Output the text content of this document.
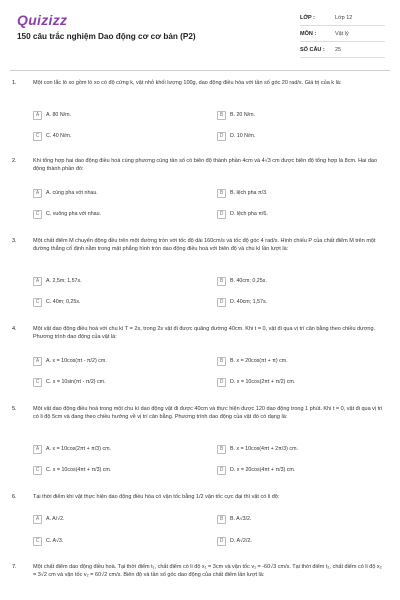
Quizizz
150 câu trắc nghiệm Dao động cơ cơ bản (P2)
LỚP :	Lớp 12
MÔN :	Vật lý
SỐ CÂU :	25
1.	Một con lắc lò xo gồm lò xo có độ cứng k, vật nhỏ khối lượng 100g, dao động điều hòa với tần số góc 20 rad/s. Giá trị của k là:
A	A. 80 N/m.	B	B. 20 N/m.
C	C. 40 N/m.	D	D. 10 N/m.
2.	Khi tổng hợp hai dao động điều hoà cùng phương cùng tần số có biên độ thành phần 4cm và 4√3 cm được biên độ tổng hợp là 8cm. Hai dao động thành phần đó:
A	A. cùng pha với nhau.	B	B. lệch pha π/3.
C	C. vuông pha với nhau.	D	D. lệch pha π/6.
3.	Một chất điểm M chuyển động đều trên một đường tròn với tốc độ dài 160cm/s và tốc độ góc 4 rad/s. Hình chiếu P của chất điểm M trên một đường thẳng cố định nằm trong mặt phẳng hình tròn dao động điều hoà với biên độ và chu kì lần lượt là:
A	A. 2,5m; 1,57s.	B	B. 40cm; 0,25s.
C	C. 40m; 0,25s.	D	D. 40cm; 1,57s.
4.	Một vật dao động điều hoà với chu kì T = 2s, trong 2s vật đi được quãng đường 40cm. Khi t = 0, vật đi qua vị trí cân bằng theo chiều dương. Phương trình dao động của vật là:
A	A. x = 10cos(πt - π/2) cm.	B	B. x = 20cos(πt + π) cm.
C	C. x = 10sin(πt - π/2) cm.	D	D. x = 10cos(2πt + π/2) cm.
5.	Một vật dao động điều hoà trong một chu kì dao động vật đi được 40cm và thực hiện được 120 dao động trong 1 phút. Khi t = 0, vật đi qua vị trí có li độ 5cm và đang theo chiều hướng về vị trí cân bằng. Phương trình dao động của vật đó có dạng là:
A	A. x = 10cos(2πt + π/3) cm.	B	B. x = 10cos(4πt + 2π/3) cm.
C	C. x = 10cos(4πt + π/3) cm.	D	D. x = 20cos(4πt + π/3) cm.
6.	Tại thời điểm khi vật thực hiện dao động điều hòa có vận tốc bằng 1/2 vận tốc cực đại thì vật có li độ:
A	A. A/√2.	B	B. A√3/2.
C	C. A√3.	D	D. A√2/2.
7.	Một chất điểm dao động điều hoà. Tại thời điểm t₁, chất điểm có li độ x₁ = 3cm và vận tốc v₁ = -60√3 cm/s. Tại thời điểm t₂, chất điểm có li độ x₂ = 3√2 cm và vận tốc v₂ = 60√2 cm/s. Biên độ và tần số góc dao động của chất điểm lần lượt là:
